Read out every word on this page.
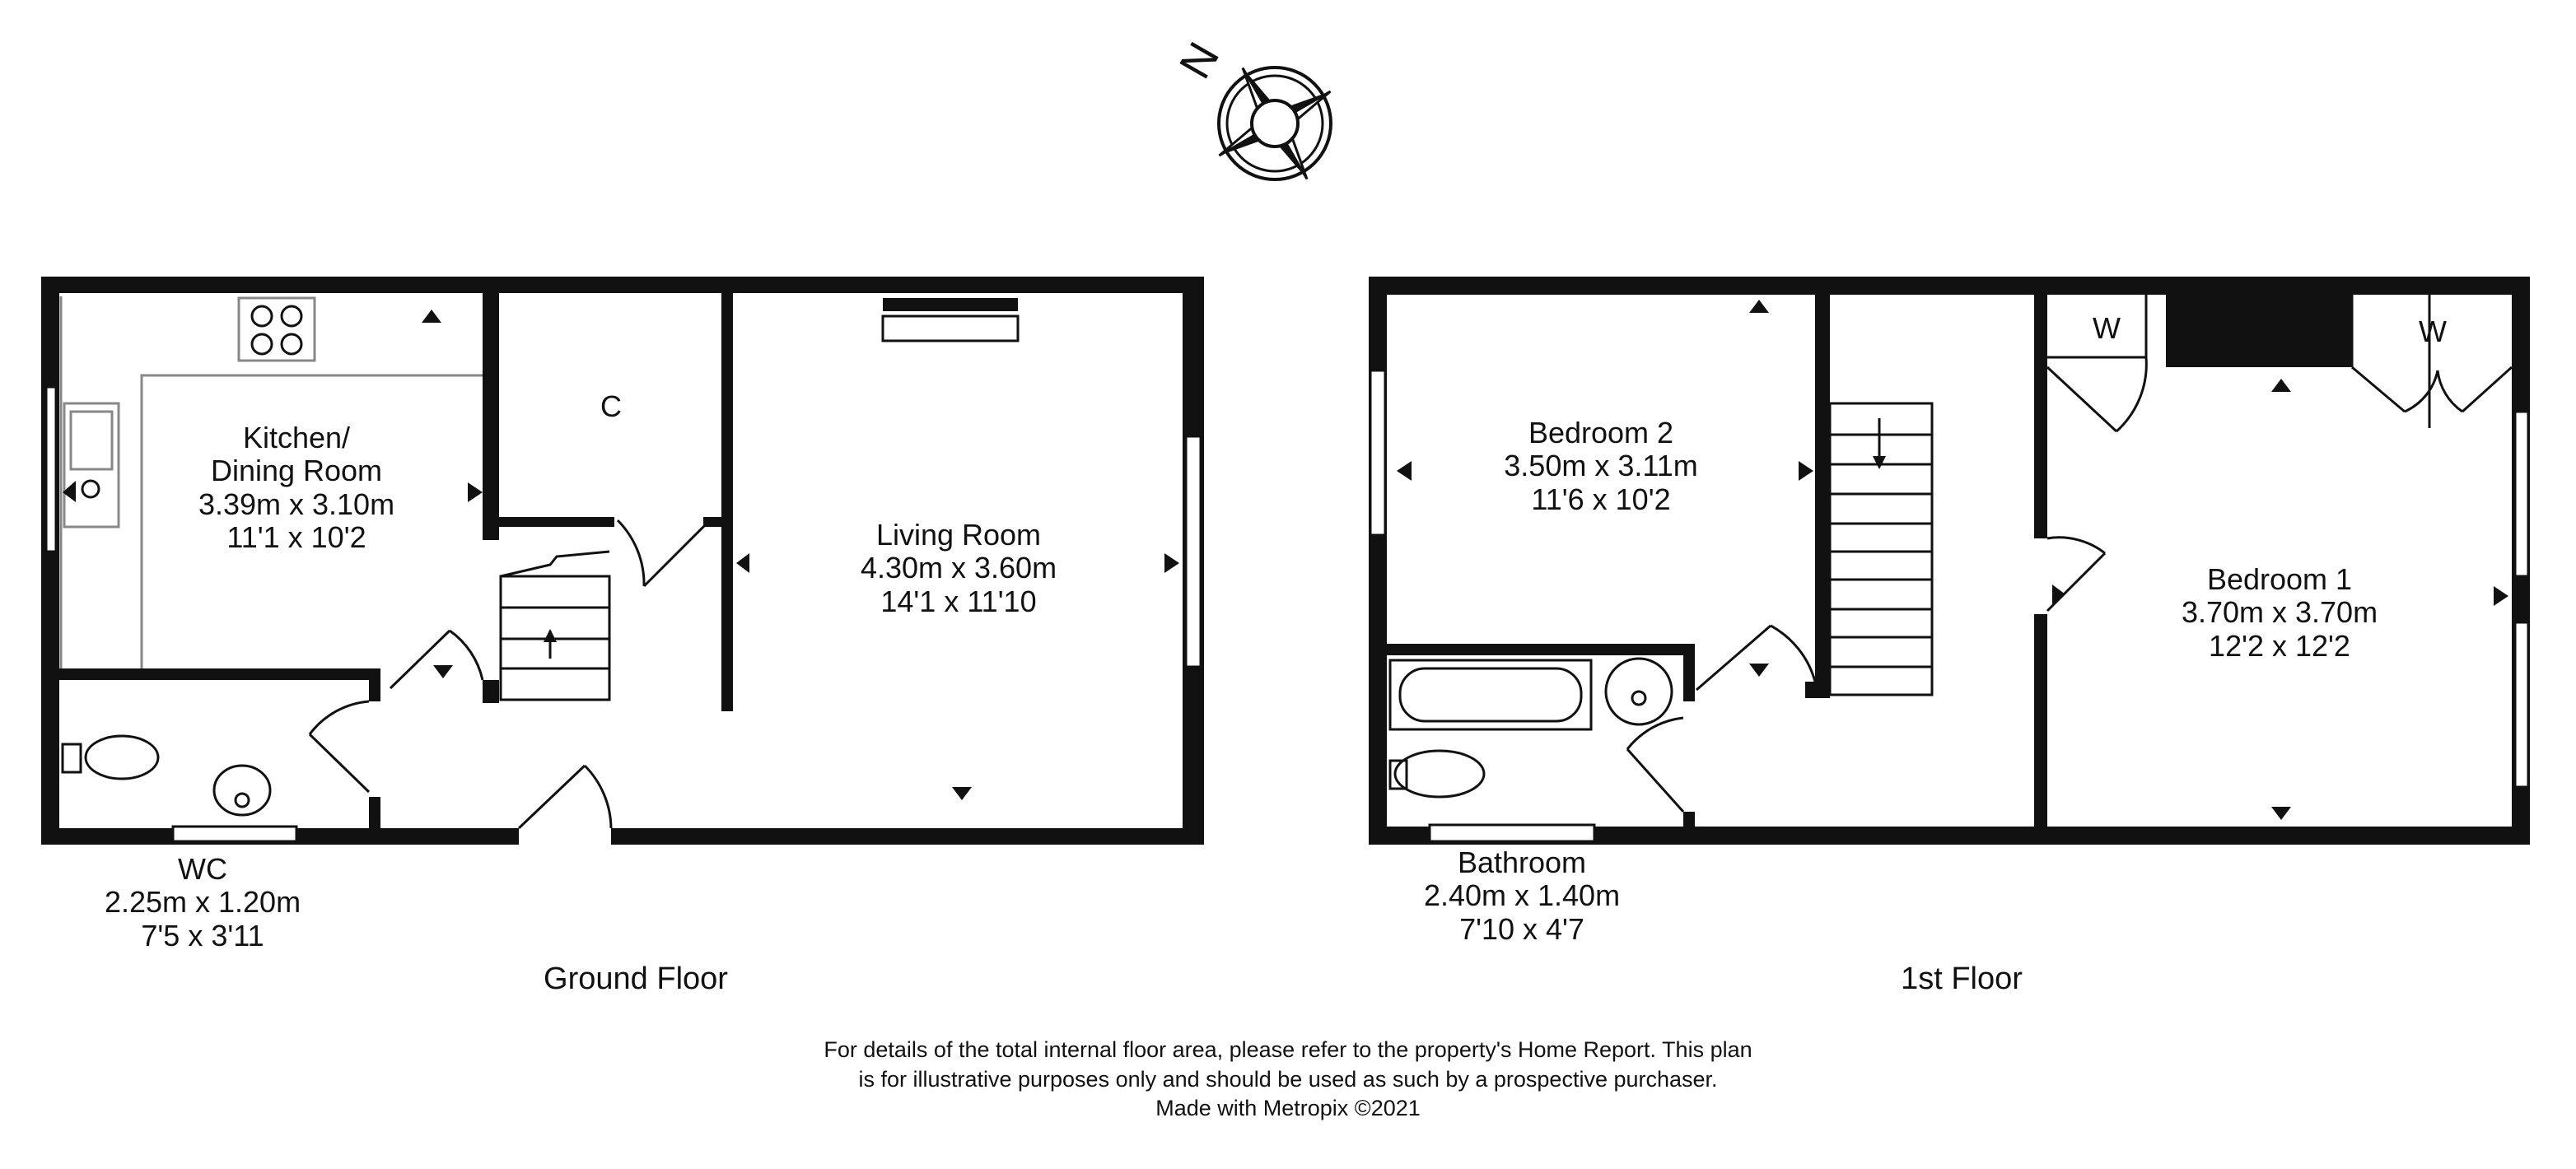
N
Kitchen/
Dining Room
3.39m x 3.10m
11'1 x 10'2
C
Living Room
4.30m x 3.60m
14'1 x 11'10
WC
2.25m x 1.20m
7'5 x 3'11
Ground Floor
Bedroom 2
3.50m x 3.11m
11'6 x 10'2
Bedroom 1
3.70m x 3.70m
12'2 x 12'2
Bathroom
2.40m x 1.40m
7'10 x 4'7
W	W
1st Floor
For details of the total internal floor area, please refer to the property's Home Report. This plan
is for illustrative purposes only and should be used as such by a prospective purchaser.
Made with Metropix ©2021
